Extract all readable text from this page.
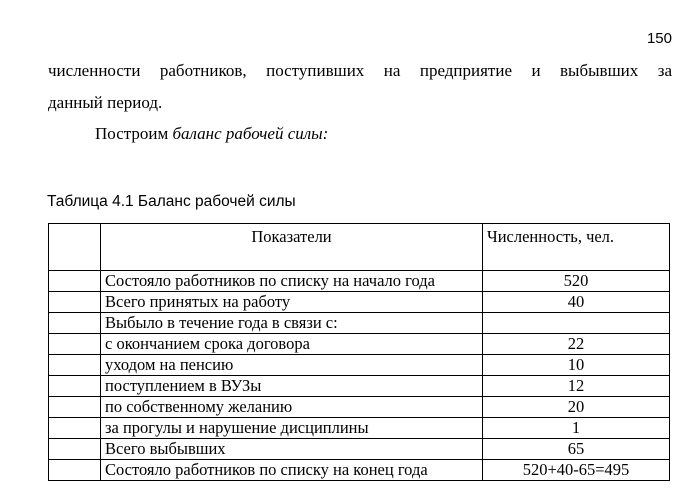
150
численности работников, поступивших на предприятие и выбывших за
данный период.
Построим баланс рабочей силы:
Таблица 4.1 Баланс рабочей силы
	Показатели	Численность, чел.
	Состояло работников по списку на начало года	520
	Всего принятых на работу	40
	Выбыло в течение года в связи с:	
	с окончанием срока договора	22
	уходом на пенсию	10
	поступлением в ВУЗы	12
	по собственному желанию	20
	за прогулы и нарушение дисциплины	1
	Всего выбывших	65
	Состояло работников по списку на конец года	520+40-65=495
